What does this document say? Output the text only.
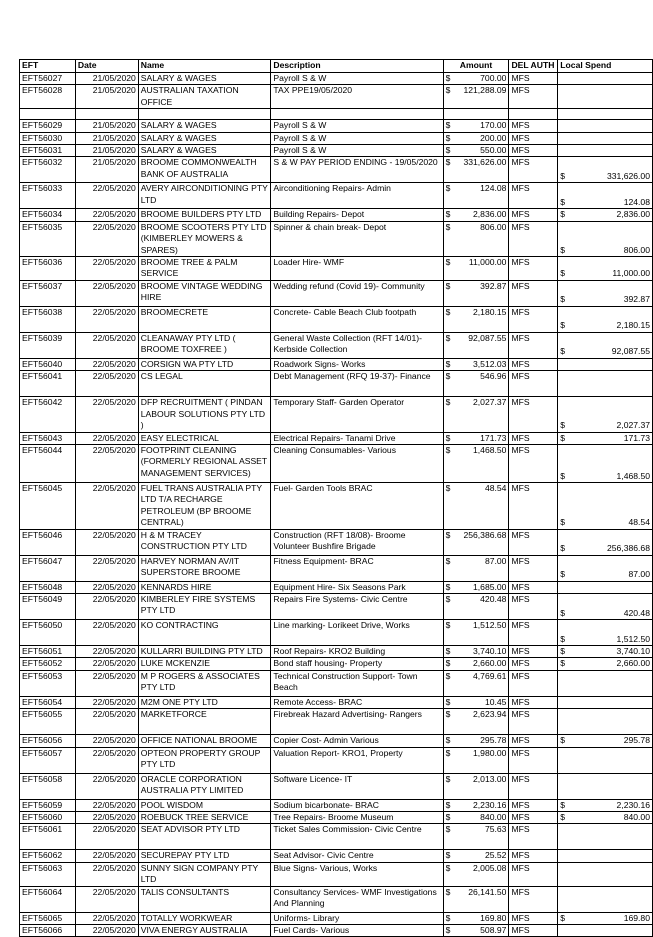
EFT	Date	Name	Description	Amount	DEL AUTH	Local Spend
EFT56027	21/05/2020	SALARY & WAGES	Payroll S & W	$ 700.00	MFS	
EFT56028	21/05/2020	AUSTRALIAN TAXATION OFFICE	TAX PPE19/05/2020	$ 121,288.09	MFS	

EFT56029	21/05/2020	SALARY & WAGES	Payroll S & W	$ 170.00	MFS	
EFT56030	21/05/2020	SALARY & WAGES	Payroll S & W	$ 200.00	MFS	
EFT56031	21/05/2020	SALARY & WAGES	Payroll S & W	$ 550.00	MFS	
EFT56032	21/05/2020	BROOME COMMONWEALTH BANK OF AUSTRALIA	S & W PAY PERIOD ENDING - 19/05/2020	$ 331,626.00	MFS	$ 331,626.00

EFT56033	22/05/2020	AVERY AIRCONDITIONING PTY LTD	Airconditioning Repairs- Admin	$ 124.08	MFS	$ 124.08

EFT56034	22/05/2020	BROOME BUILDERS PTY LTD	Building Repairs- Depot	$ 2,836.00	MFS	$ 2,836.00

EFT56035	22/05/2020	BROOME SCOOTERS PTY LTD (KIMBERLEY MOWERS & SPARES)	Spinner & chain break- Depot	$ 806.00	MFS	$ 806.00

EFT56036	22/05/2020	BROOME TREE & PALM SERVICE	Loader Hire- WMF	$ 11,000.00	MFS	$ 11,000.00

EFT56037	22/05/2020	BROOME VINTAGE WEDDING HIRE	Wedding refund (Covid 19)- Community	$ 392.87	MFS	$ 392.87

EFT56038	22/05/2020	BROOMECRETE	Concrete- Cable Beach Club footpath	$ 2,180.15	MFS	$ 2,180.15

EFT56039	22/05/2020	CLEANAWAY PTY LTD ( BROOME TOXFREE )	General Waste Collection (RFT 14/01)- Kerbside Collection	$ 92,087.55	MFS	$ 92,087.55

EFT56040	22/05/2020	CORSIGN WA PTY LTD	Roadwork Signs- Works	$ 3,512.03	MFS	
EFT56041	22/05/2020	CS LEGAL	Debt Management (RFQ 19-37)- Finance	$ 546.96	MFS	
EFT56042	22/05/2020	DFP RECRUITMENT ( PINDAN LABOUR SOLUTIONS PTY LTD )	Temporary Staff- Garden Operator	$ 2,027.37	MFS	$ 2,027.37

EFT56043	22/05/2020	EASY ELECTRICAL	Electrical Repairs- Tanami Drive	$ 171.73	MFS	$ 171.73

EFT56044	22/05/2020	FOOTPRINT CLEANING (FORMERLY REGIONAL ASSET MANAGEMENT SERVICES)	Cleaning Consumables- Various	$ 1,468.50	MFS	$ 1,468.50

EFT56045	22/05/2020	FUEL TRANS AUSTRALIA PTY LTD T/A RECHARGE PETROLEUM (BP BROOME CENTRAL)	Fuel- Garden Tools BRAC	$ 48.54	MFS	$ 48.54

EFT56046	22/05/2020	H & M TRACEY CONSTRUCTION PTY LTD	Construction (RFT 18/08)- Broome Volunteer Bushfire Brigade	$ 256,386.68	MFS	$ 256,386.68

EFT56047	22/05/2020	HARVEY NORMAN AV/IT SUPERSTORE BROOME	Fitness Equipment- BRAC	$ 87.00	MFS	$ 87.00

EFT56048	22/05/2020	KENNARDS HIRE	Equipment Hire- Six Seasons Park	$ 1,685.00	MFS	
EFT56049	22/05/2020	KIMBERLEY FIRE SYSTEMS PTY LTD	Repairs Fire Systems- Civic Centre	$ 420.48	MFS	$ 420.48

EFT56050	22/05/2020	KO CONTRACTING	Line marking- Lorikeet Drive, Works	$ 1,512.50	MFS	$ 1,512.50

EFT56051	22/05/2020	KULLARRI BUILDING PTY LTD	Roof Repairs- KRO2 Building	$ 3,740.10	MFS	$ 3,740.10

EFT56052	22/05/2020	LUKE MCKENZIE	Bond staff housing- Property	$ 2,660.00	MFS	$ 2,660.00

EFT56053	22/05/2020	M P ROGERS & ASSOCIATES PTY LTD	Technical Construction Support- Town Beach	$ 4,769.61	MFS	
EFT56054	22/05/2020	M2M ONE PTY LTD	Remote Access- BRAC	$ 10.45	MFS	
EFT56055	22/05/2020	MARKETFORCE	Firebreak Hazard Advertising- Rangers	$ 2,623.94	MFS	
EFT56056	22/05/2020	OFFICE NATIONAL BROOME	Copier Cost- Admin Various	$ 295.78	MFS	$ 295.78

EFT56057	22/05/2020	OPTEON PROPERTY GROUP PTY LTD	Valuation Report- KRO1, Property	$ 1,980.00	MFS	
EFT56058	22/05/2020	ORACLE CORPORATION AUSTRALIA PTY LIMITED	Software Licence- IT	$ 2,013.00	MFS	
EFT56059	22/05/2020	POOL WISDOM	Sodium bicarbonate- BRAC	$ 2,230.16	MFS	$ 2,230.16

EFT56060	22/05/2020	ROEBUCK TREE SERVICE	Tree Repairs- Broome Museum	$ 840.00	MFS	$ 840.00

EFT56061	22/05/2020	SEAT ADVISOR PTY LTD	Ticket Sales Commission- Civic Centre	$ 75.63	MFS	
EFT56062	22/05/2020	SECUREPAY PTY LTD	Seat Advisor- Civic Centre	$ 25.52	MFS	
EFT56063	22/05/2020	SUNNY SIGN COMPANY PTY LTD	Blue Signs- Various, Works	$ 2,005.08	MFS	
EFT56064	22/05/2020	TALIS CONSULTANTS	Consultancy Services- WMF Investigations And Planning	$ 26,141.50	MFS	
EFT56065	22/05/2020	TOTALLY WORKWEAR	Uniforms- Library	$ 169.80	MFS	$ 169.80

EFT56066	22/05/2020	VIVA ENERGY AUSTRALIA	Fuel Cards- Various	$ 508.97	MFS	
